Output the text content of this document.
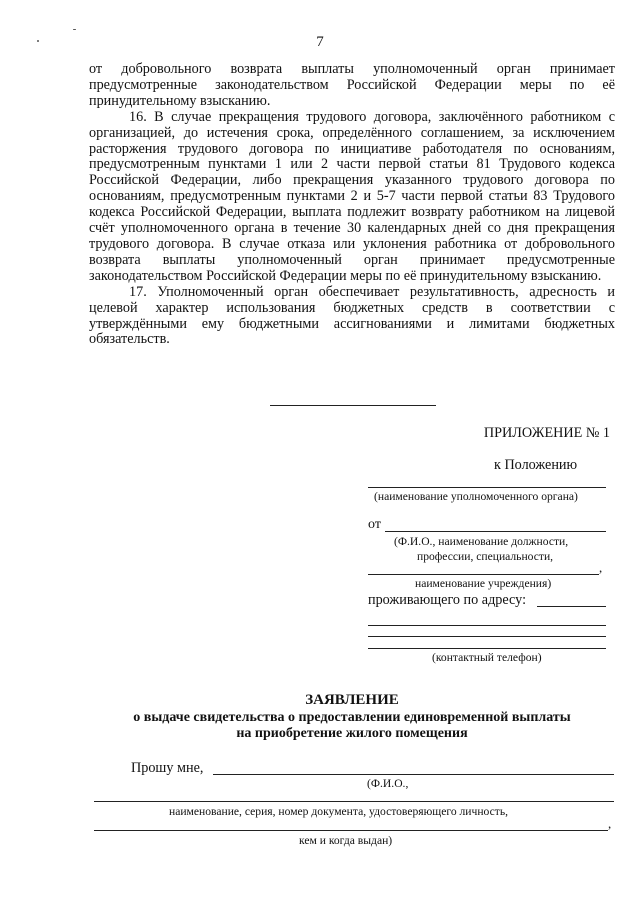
7

от добровольного возврата выплаты уполномоченный орган принимает предусмотренные законодательством Российской Федерации меры по её принудительному взысканию.

16. В случае прекращения трудового договора, заключённого работником с организацией, до истечения срока, определённого соглашением, за исключением расторжения трудового договора по инициативе работодателя по основаниям, предусмотренным пунктами 1 или 2 части первой статьи 81 Трудового кодекса Российской Федерации, либо прекращения указанного трудового договора по основаниям, предусмотренным пунктами 2 и 5-7 части первой статьи 83 Трудового кодекса Российской Федерации, выплата подлежит возврату работником на лицевой счёт уполномоченного органа в течение 30 календарных дней со дня прекращения трудового договора. В случае отказа или уклонения работника от добровольного возврата выплаты уполномоченный орган принимает предусмотренные законодательством Российской Федерации меры по её принудительному взысканию.

17. Уполномоченный орган обеспечивает результативность, адресность и целевой характер использования бюджетных средств в соответствии с утверждёнными ему бюджетными ассигнованиями и лимитами бюджетных обязательств.

ПРИЛОЖЕНИЕ № 1
к Положению
(наименование уполномоченного органа)
от
(Ф.И.О., наименование должности,
профессии, специальности,
,
наименование учреждения)
проживающего по адресу:
(контактный телефон)
ЗАЯВЛЕНИЕ
о выдаче свидетельства о предоставлении единовременной выплаты
на приобретение жилого помещения
Прошу мне,
(Ф.И.О.,
наименование, серия, номер документа, удостоверяющего личность,
,
кем и когда выдан)
